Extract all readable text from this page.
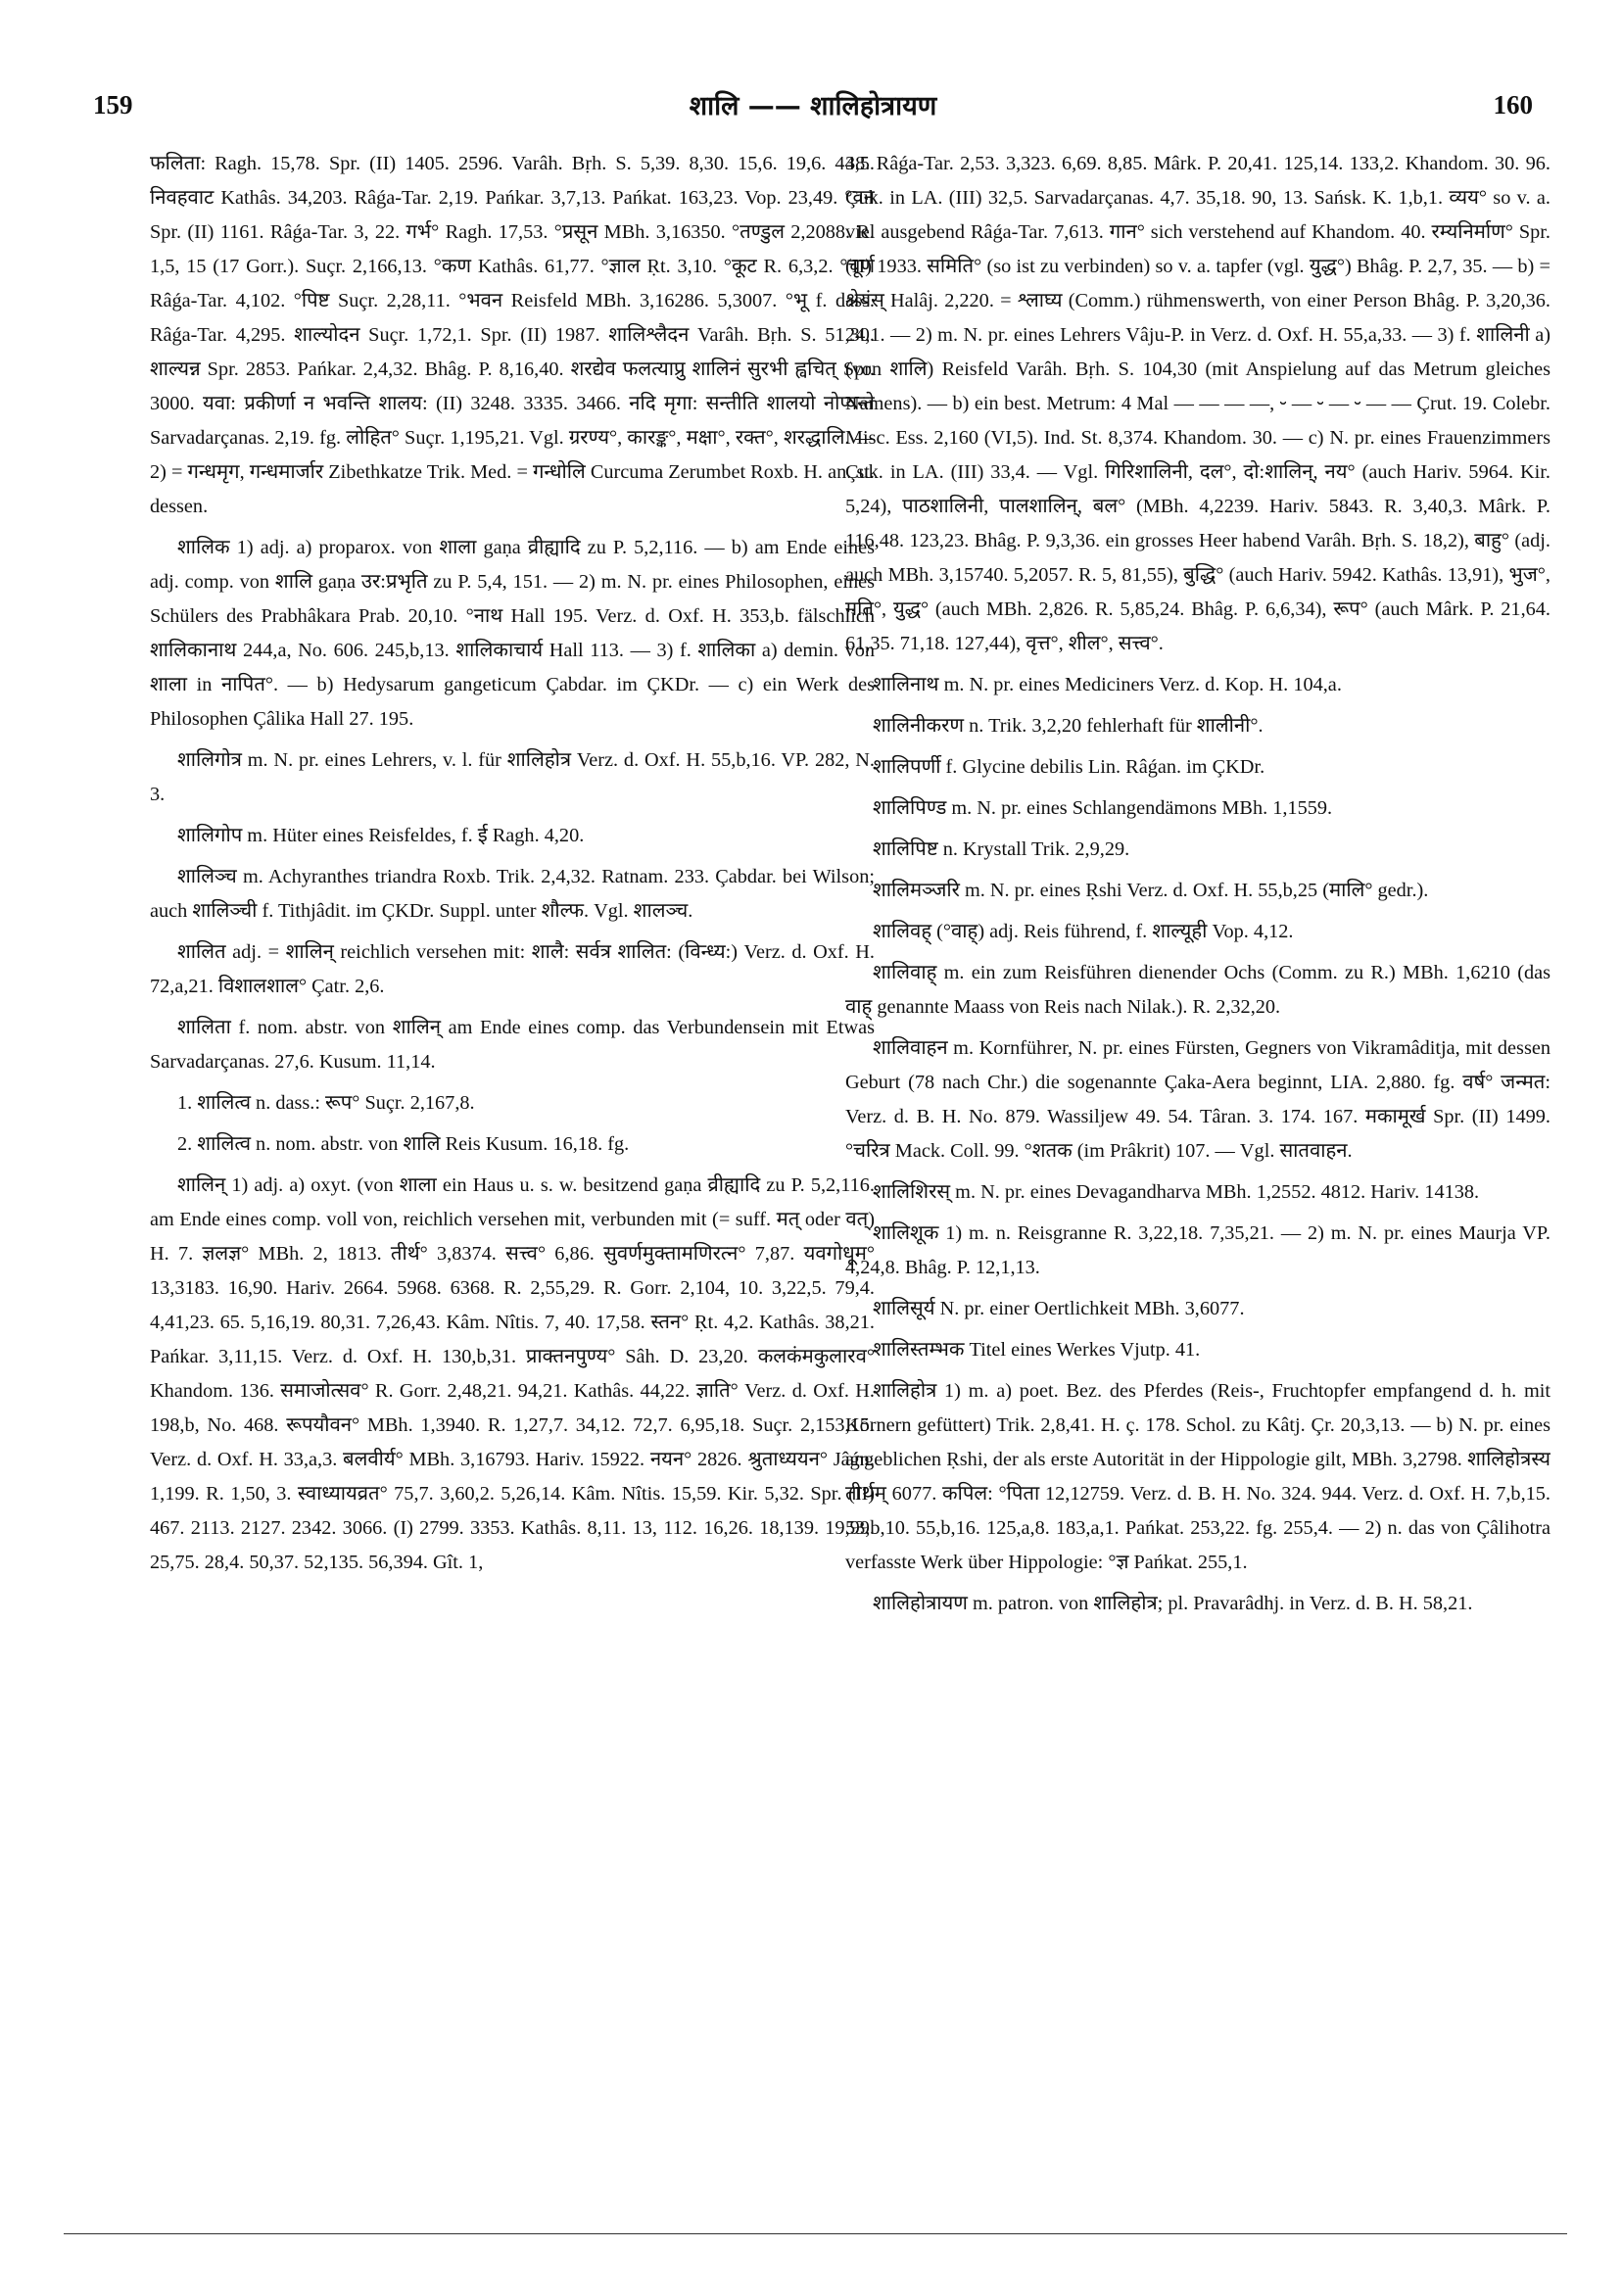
159	शालि —— शालिहोत्रायण	160

फलिता: Ragh. 15,78. Spr. (II) 1405. 2596. Varâh. Bṛh. S. 5,39. 8,30. 15,6. 19,6. 44,5. निवहवाट Kathâs. 34,203. Râǵa-Tar. 2,19. Pańkar. 3,7,13. Pańkat. 163,23. Vop. 23,49. °वन Spr. (II) 1161. Râǵa-Tar. 3, 22. गर्भ° Ragh. 17,53. °प्रसून MBh. 3,16350. °तण्डुल 2,2088. R. 1,5, 15 (17 Gorr.). Suçr. 2,166,13. °कण Kathâs. 61,77. °ज्ञाल Ṛt. 3,10. °कूट R. 6,3,2. °चूर्ण Râǵa-Tar. 4,102. °पिष्ट Suçr. 2,28,11. °भवन Reisfeld MBh. 3,16286. 5,3007. °भू f. dass. Râǵa-Tar. 4,295. शाल्योदन Suçr. 1,72,1. Spr. (II) 1987. शालिश्लैदन Varâh. Bṛh. S. 51,30. शाल्यन्न Spr. 2853. Pańkar. 2,4,32. Bhâg. P. 8,16,40. शरद्येव फलत्याप्रु शालिनं सुरभी ह्वचित् Spr. 3000. यवा: प्रकीर्णा न भवन्ति शालय: (II) 3248. 3335. 3466. नदि मृगा: सन्तीति शालयो नोप्यन्ते Sarvadarçanas. 2,19. fg. लोहित° Suçr. 1,195,21. Vgl. ग्ररण्य°, कारङ्क°, मक्षा°, रक्त°, शरद्धालि. — 2) = गन्धमृग, गन्धमार्जार Zibethkatze Trik. Med. = गन्धोलि Curcuma Zerumbet Roxb. H. an. st. dessen.

शालिक 1) adj. a) proparox. von शाला gaṇa व्रीह्यादि zu P. 5,2,116. — b) am Ende eines adj. comp. von शालि gaṇa उर:प्रभृति zu P. 5,4, 151. — 2) m. N. pr. eines Philosophen, eines Schülers des Prabhâkara Prab. 20,10. °नाथ Hall 195. Verz. d. Oxf. H. 353,b. fälschlich शालिकानाथ 244,a, No. 606. 245,b,13. शालिकाचार्य Hall 113. — 3) f. शालिका a) demin. von शाला in नापित°. — b) Hedysarum gangeticum Çabdar. im ÇKDr. — c) ein Werk des Philosophen Çâlika Hall 27. 195.

शालिगोत्र m. N. pr. eines Lehrers, v. l. für शालिहोत्र Verz. d. Oxf. H. 55,b,16. VP. 282, N. 3.

शालिगोप m. Hüter eines Reisfeldes, f. ई Ragh. 4,20.

शालिञ्च m. Achyranthes triandra Roxb. Trik. 2,4,32. Ratnam. 233. Çabdar. bei Wilson; auch शालिञ्ची f. Tithjâdit. im ÇKDr. Suppl. unter शौल्फ. Vgl. शालञ्च.

शालित adj. = शालिन् reichlich versehen mit: शालै: सर्वत्र शालित: (विन्ध्य:) Verz. d. Oxf. H. 72,a,21. विशालशाल° Çatr. 2,6.

शालिता f. nom. abstr. von शालिन् am Ende eines comp. das Verbundensein mit Etwas Sarvadarçanas. 27,6. Kusum. 11,14.

1. शालित्व n. dass.: रूप° Suçr. 2,167,8.

2. शालित्व n. nom. abstr. von शालि Reis Kusum. 16,18. fg.

शालिन् 1) adj. a) oxyt. (von शाला ein Haus u. s. w. besitzend gaṇa व्रीह्यादि zu P. 5,2,116. am Ende eines comp. voll von, reichlich versehen mit, verbunden mit (= suff. मत् oder वत्) H. 7. ज्ञलज्ञ° MBh. 2, 1813. तीर्थ° 3,8374. सत्त्व° 6,86. सुवर्णमुक्तामणिरत्न° 7,87. यवगोधूम° 13,3183. 16,90. Hariv. 2664. 5968. 6368. R. 2,55,29. R. Gorr. 2,104, 10. 3,22,5. 79,4. 4,41,23. 65. 5,16,19. 80,31. 7,26,43. Kâm. Nîtis. 7, 40. 17,58. स्तन° Ṛt. 4,2. Kathâs. 38,21. Pańkar. 3,11,15. Verz. d. Oxf. H. 130,b,31. प्राक्तनपुण्य° Sâh. D. 23,20. कलकंमकुलारव° Khandom. 136. समाजोत्सव° R. Gorr. 2,48,21. 94,21. Kathâs. 44,22. ज्ञाति° Verz. d. Oxf. H. 198,b, No. 468. रूपयौवन° MBh. 1,3940. R. 1,27,7. 34,12. 72,7. 6,95,18. Suçr. 2,153,15. Verz. d. Oxf. H. 33,a,3. बलवीर्य° MBh. 3,16793. Hariv. 15922. नयन° 2826. श्रुताध्ययन° Jâǵn. 1,199. R. 1,50, 3. स्वाध्यायव्रत° 75,7. 3,60,2. 5,26,14. Kâm. Nîtis. 15,59. Kir. 5,32. Spr. (II) 467. 2113. 2127. 2342. 3066. (I) 2799. 3353. Kathâs. 8,11. 13, 112. 16,26. 18,139. 19,99. 25,75. 28,4. 50,37. 52,135. 56,394. Gît. 1,

38. Râǵa-Tar. 2,53. 3,323. 6,69. 8,85. Mârk. P. 20,41. 125,14. 133,2. Khandom. 30. 96. Çuk. in LA. (III) 32,5. Sarvadarçanas. 4,7. 35,18. 90, 13. Sańsk. K. 1,b,1. व्यय° so v. a. viel ausgebend Râǵa-Tar. 7,613. गान° sich verstehend auf Khandom. 40. रम्यनिर्माण° Spr. (II) 1933. समिति° (so ist zu verbinden) so v. a. tapfer (vgl. युद्ध°) Bhâg. P. 2,7, 35. — b) = श्रेयंस् Halâj. 2,220. = श्लाघ्य (Comm.) rühmenswerth, von einer Person Bhâg. P. 3,20,36. 24,1. — 2) m. N. pr. eines Lehrers Vâju-P. in Verz. d. Oxf. H. 55,a,33. — 3) f. शालिनी a) (von शालि) Reisfeld Varâh. Bṛh. S. 104,30 (mit Anspielung auf das Metrum gleiches Namens). — b) ein best. Metrum: 4 Mal — — — —, ⏑ — ⏑ — ⏑ — — Çrut. 19. Colebr. Misc. Ess. 2,160 (VI,5). Ind. St. 8,374. Khandom. 30. — c) N. pr. eines Frauenzimmers Çuk. in LA. (III) 33,4. — Vgl. गिरिशालिनी, दल°, दो:शालिन्, नय° (auch Hariv. 5964. Kir. 5,24), पाठशालिनी, पालशालिन्, बल° (MBh. 4,2239. Hariv. 5843. R. 3,40,3. Mârk. P. 116,48. 123,23. Bhâg. P. 9,3,36. ein grosses Heer habend Varâh. Bṛh. S. 18,2), बाहु° (adj. auch MBh. 3,15740. 5,2057. R. 5, 81,55), बुद्धि° (auch Hariv. 5942. Kathâs. 13,91), भुज°, मति°, युद्ध° (auch MBh. 2,826. R. 5,85,24. Bhâg. P. 6,6,34), रूप° (auch Mârk. P. 21,64. 61,35. 71,18. 127,44), वृत्त°, शील°, सत्त्व°.

शालिनाथ m. N. pr. eines Mediciners Verz. d. Kop. H. 104,a.

शालिनीकरण n. Trik. 3,2,20 fehlerhaft für शालीनी°.

शालिपर्णी f. Glycine debilis Lin. Râǵan. im ÇKDr.

शालिपिण्ड m. N. pr. eines Schlangendämons MBh. 1,1559.

शालिपिष्ट n. Krystall Trik. 2,9,29.

शालिमञ्जरि m. N. pr. eines Ṛshi Verz. d. Oxf. H. 55,b,25 (मालि° gedr.).

शालिवह् (°वाह्) adj. Reis führend, f. शाल्यूही Vop. 4,12.

शालिवाह् m. ein zum Reisführen dienender Ochs (Comm. zu R.) MBh. 1,6210 (das वाह् genannte Maass von Reis nach Nilak.). R. 2,32,20.

शालिवाहन m. Kornführer, N. pr. eines Fürsten, Gegners von Vikramâditja, mit dessen Geburt (78 nach Chr.) die sogenannte Çaka-Aera beginnt, LIA. 2,880. fg. वर्ष° जन्मत: Verz. d. B. H. No. 879. Wassiljew 49. 54. Târan. 3. 174. 167. मकामूर्ख Spr. (II) 1499. °चरित्र Mack. Coll. 99. °शतक (im Prâkrit) 107. — Vgl. सातवाहन.

शालिशिरस् m. N. pr. eines Devagandharva MBh. 1,2552. 4812. Hariv. 14138.

शालिशूक 1) m. n. Reisgranne R. 3,22,18. 7,35,21. — 2) m. N. pr. eines Maurja VP. 4,24,8. Bhâg. P. 12,1,13.

शालिसूर्य N. pr. einer Oertlichkeit MBh. 3,6077.

शालिस्तम्भक Titel eines Werkes Vjutp. 41.

शालिहोत्र 1) m. a) poet. Bez. des Pferdes (Reis-, Fruchtopfer empfangend d. h. mit Körnern gefüttert) Trik. 2,8,41. H. ç. 178. Schol. zu Kâtj. Çr. 20,3,13. — b) N. pr. eines angeblichen Ṛshi, der als erste Autorität in der Hippologie gilt, MBh. 3,2798. शालिहोत्रस्य तीर्थम् 6077. कपिल: °पिता 12,12759. Verz. d. B. H. No. 324. 944. Verz. d. Oxf. H. 7,b,15. 53,b,10. 55,b,16. 125,a,8. 183,a,1. Pańkat. 253,22. fg. 255,4. — 2) n. das von Çâlihotra verfasste Werk über Hippologie: °ज्ञ Pańkat. 255,1.

शालिहोत्रायण m. patron. von शालिहोत्र; pl. Pravarâdhj. in Verz. d. B. H. 58,21.
